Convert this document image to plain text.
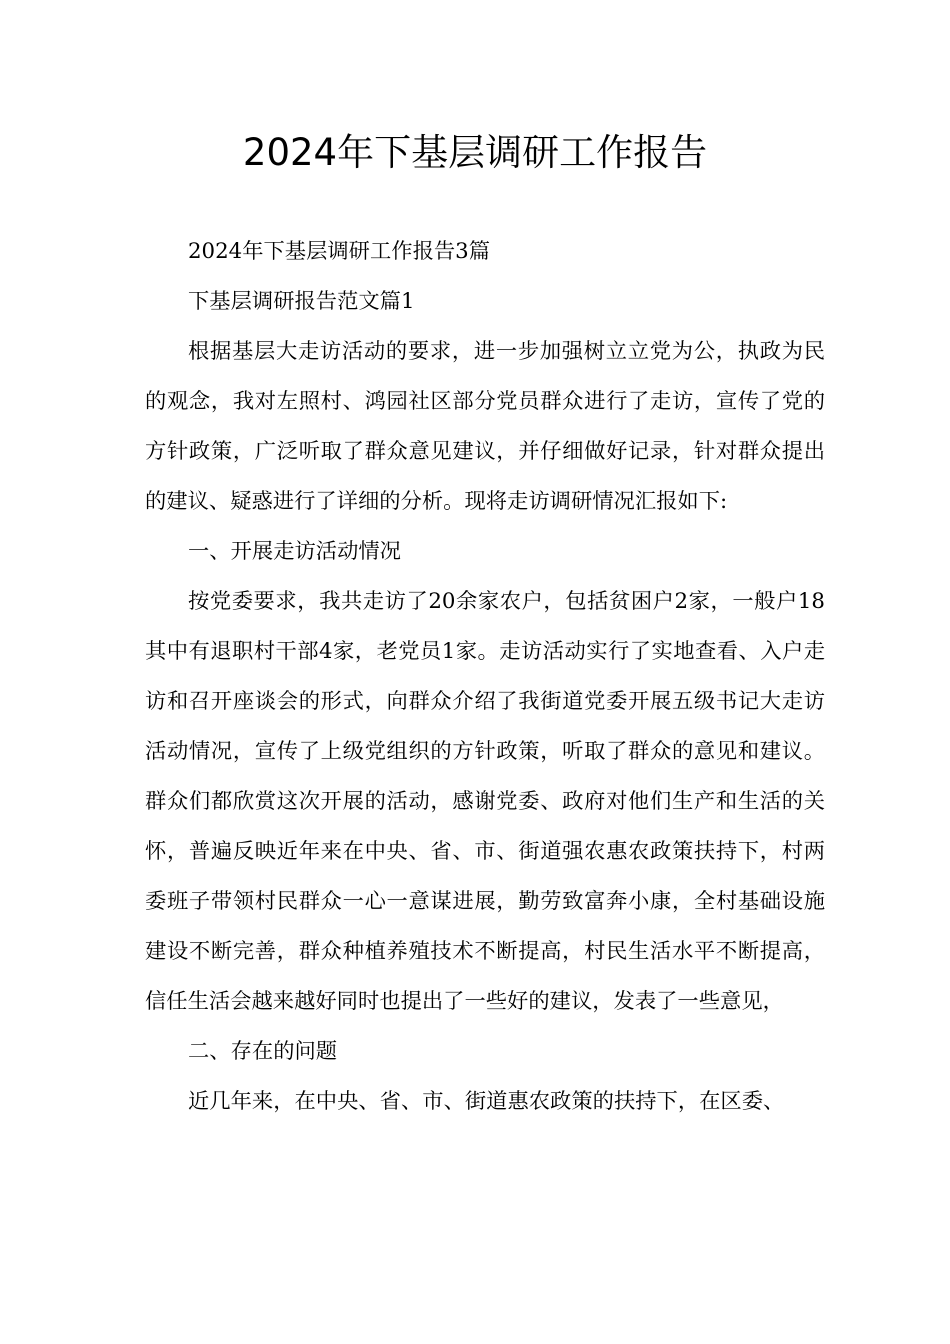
2024年下基层调研工作报告

2024年下基层调研工作报告3篇

下基层调研报告范文篇1

根据基层大走访活动的要求，进一步加强树立立党为公，执政为民的观念，我对左照村、鸿园社区部分党员群众进行了走访，宣传了党的方针政策，广泛听取了群众意见建议，并仔细做好记录，针对群众提出的建议、疑惑进行了详细的分析。现将走访调研情况汇报如下:

一、开展走访活动情况

按党委要求，我共走访了20余家农户，包括贫困户2家，一般户18其中有退职村干部4家，老党员1家。走访活动实行了实地查看、入户走访和召开座谈会的形式，向群众介绍了我街道党委开展五级书记大走访活动情况，宣传了上级党组织的方针政策，听取了群众的意见和建议。群众们都欣赏这次开展的活动，感谢党委、政府对他们生产和生活的关怀，普遍反映近年来在中央、省、市、街道强农惠农政策扶持下，村两委班子带领村民群众一心一意谋进展，勤劳致富奔小康，全村基础设施建设不断完善，群众种植养殖技术不断提高，村民生活水平不断提高，信任生活会越来越好同时也提出了一些好的建议，发表了一些意见，

二、存在的问题

近几年来，在中央、省、市、街道惠农政策的扶持下，在区委、
